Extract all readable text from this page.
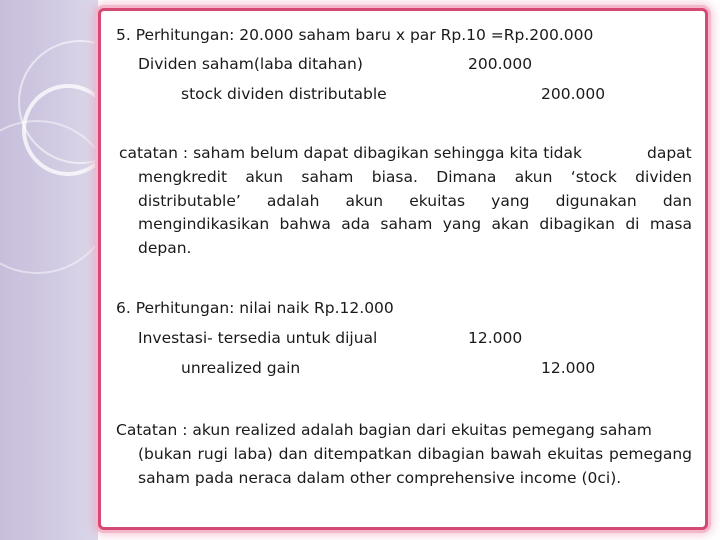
5. Perhitungan: 20.000 saham baru x par Rp.10 =Rp.200.000
Dividen saham(laba ditahan)	200.000
stock dividen distributable	200.000
catatan : saham belum dapat dibagikan sehingga kita tidak	dapat
mengkredit akun saham biasa. Dimana akun ‘stock dividen distributable’ adalah akun ekuitas yang digunakan dan mengindikasikan bahwa ada saham yang akan dibagikan di masa depan.
6. Perhitungan: nilai naik Rp.12.000
Investasi- tersedia untuk dijual	12.000
unrealized gain	12.000
Catatan : akun realized adalah bagian dari ekuitas pemegang saham
(bukan rugi laba) dan ditempatkan dibagian bawah ekuitas pemegang saham pada neraca dalam other comprehensive income (0ci).
